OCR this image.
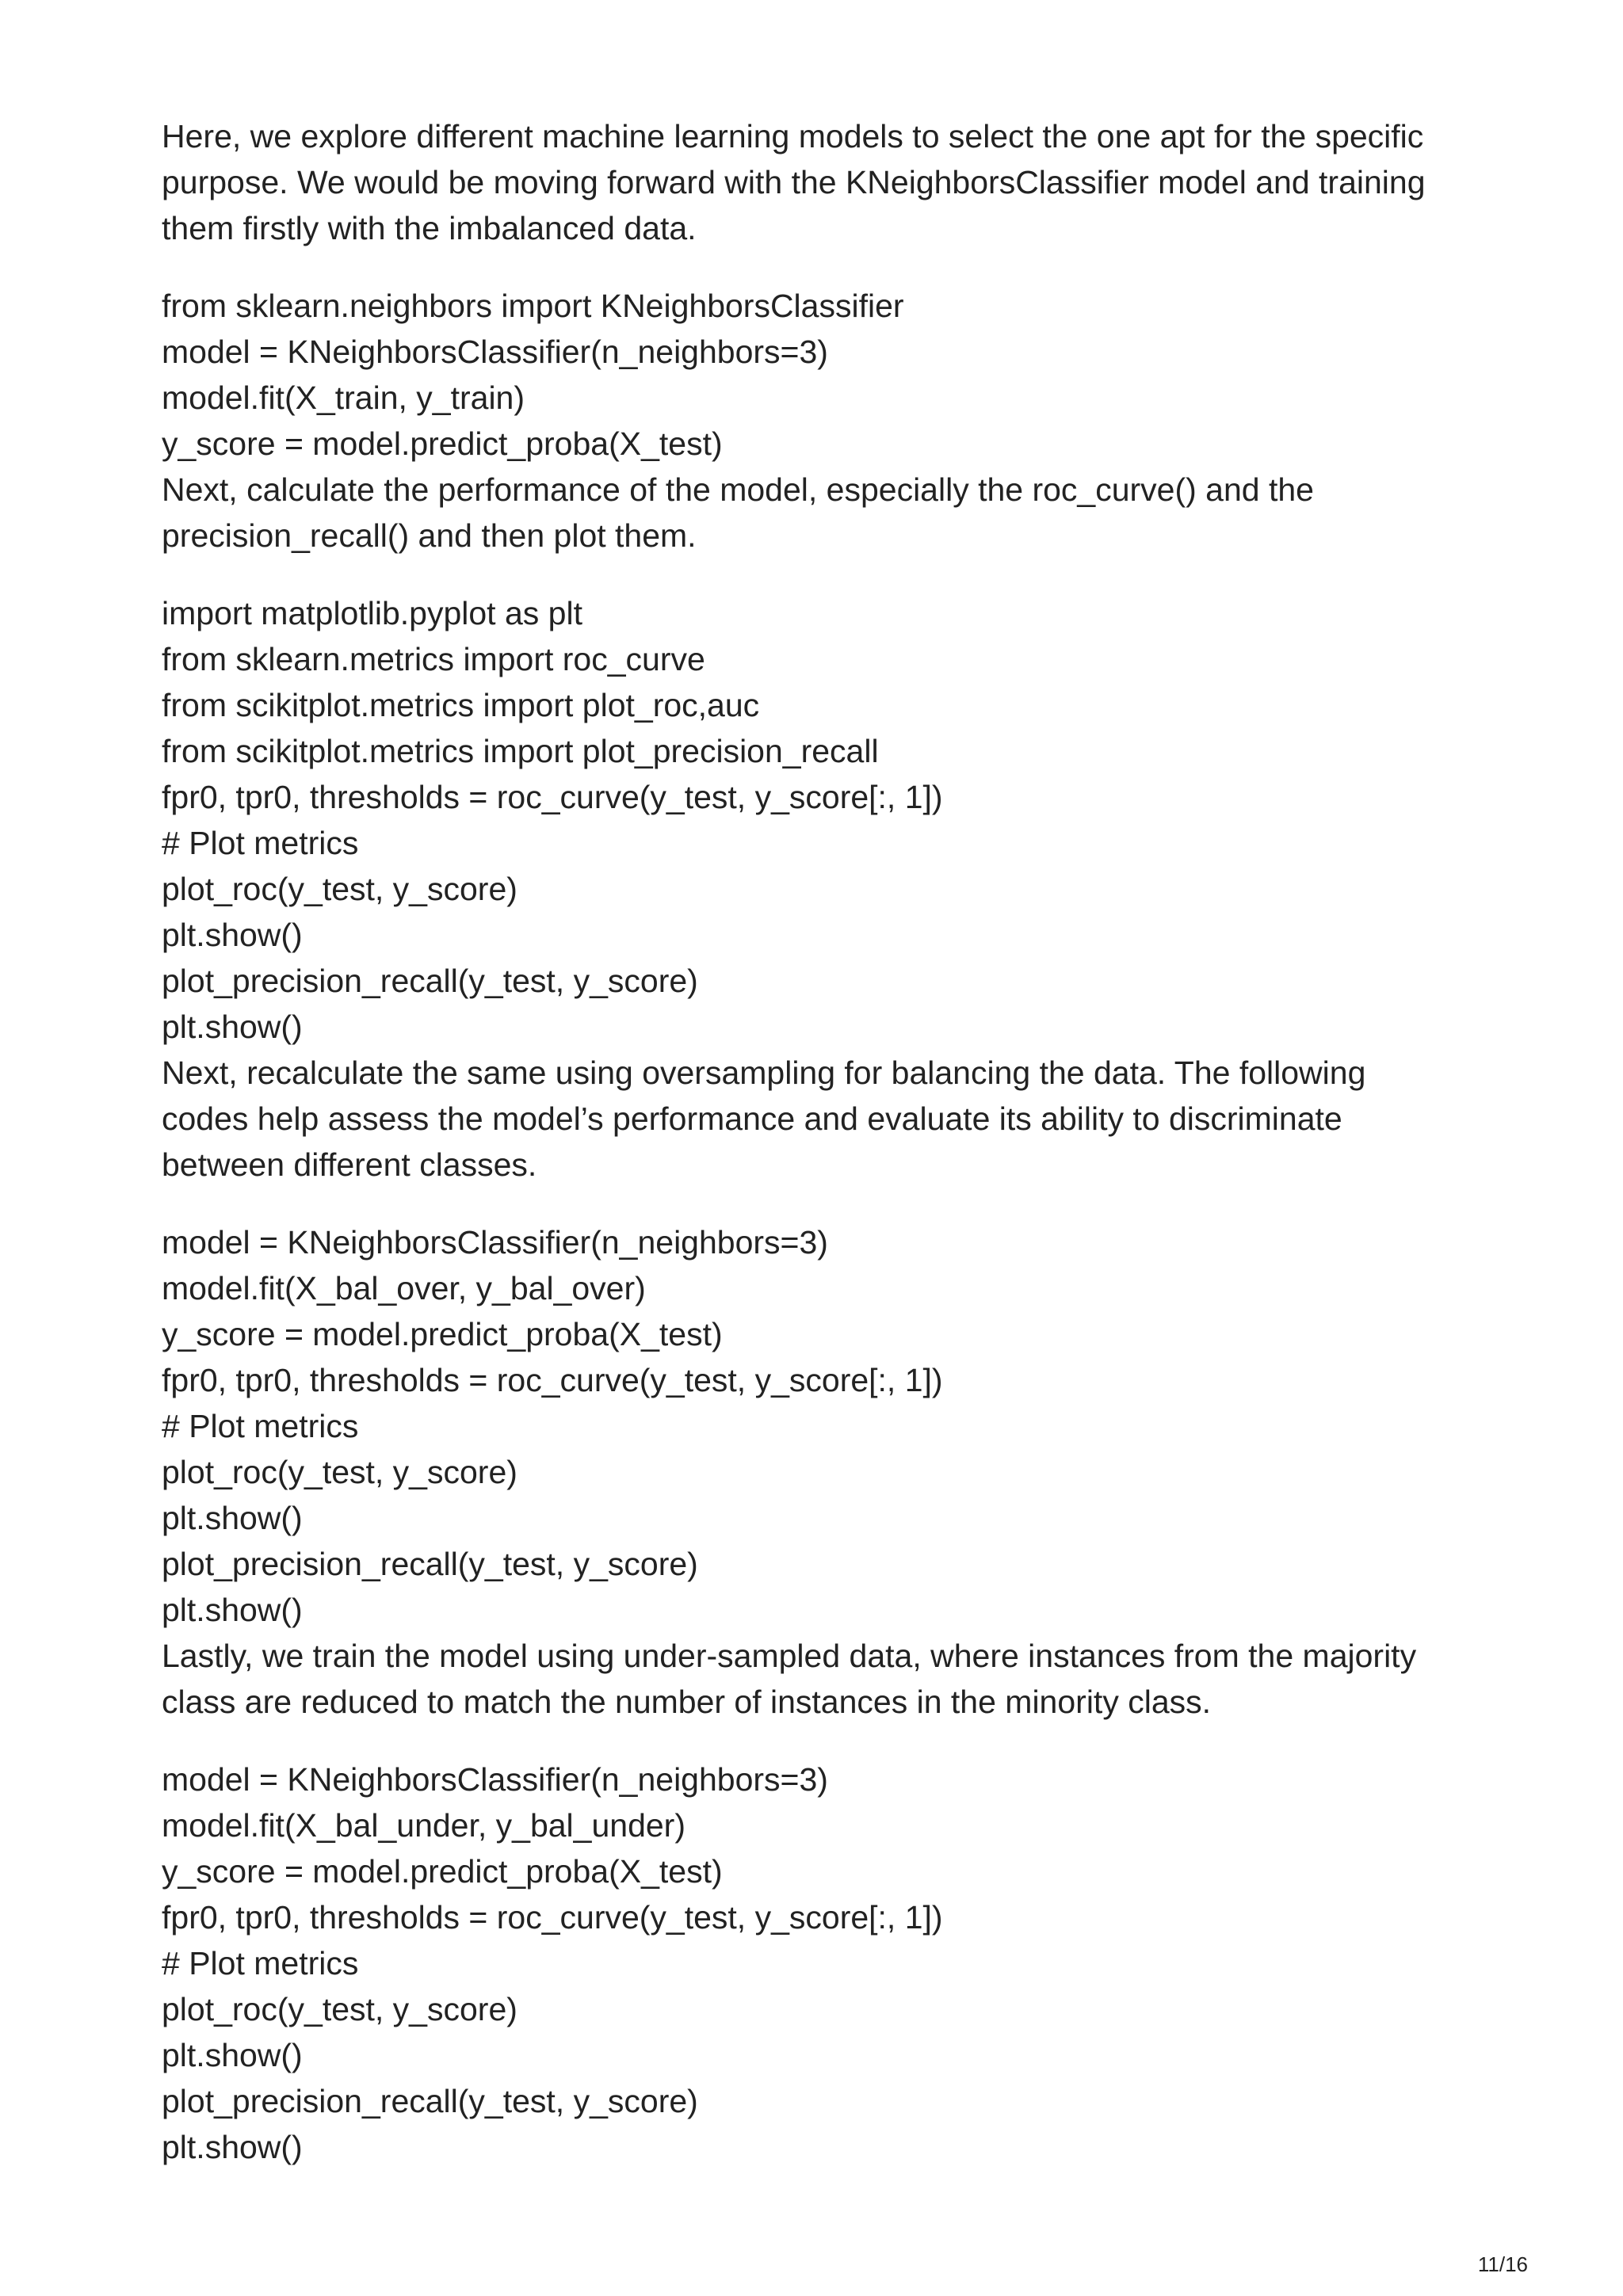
Here, we explore different machine learning models to select the one apt for the specific
purpose. We would be moving forward with the KNeighborsClassifier model and training
them firstly with the imbalanced data.
from sklearn.neighbors import KNeighborsClassifier
model = KNeighborsClassifier(n_neighbors=3)
model.fit(X_train, y_train)
y_score = model.predict_proba(X_test)
Next, calculate the performance of the model, especially the roc_curve() and the
precision_recall() and then plot them.
import matplotlib.pyplot as plt
from sklearn.metrics import roc_curve
from scikitplot.metrics import plot_roc,auc
from scikitplot.metrics import plot_precision_recall
fpr0, tpr0, thresholds = roc_curve(y_test, y_score[:, 1])
# Plot metrics
plot_roc(y_test, y_score)
plt.show()
plot_precision_recall(y_test, y_score)
plt.show()
Next, recalculate the same using oversampling for balancing the data. The following
codes help assess the model’s performance and evaluate its ability to discriminate
between different classes.
model = KNeighborsClassifier(n_neighbors=3)
model.fit(X_bal_over, y_bal_over)
y_score = model.predict_proba(X_test)
fpr0, tpr0, thresholds = roc_curve(y_test, y_score[:, 1])
# Plot metrics
plot_roc(y_test, y_score)
plt.show()
plot_precision_recall(y_test, y_score)
plt.show()
Lastly, we train the model using under-sampled data, where instances from the majority
class are reduced to match the number of instances in the minority class.
model = KNeighborsClassifier(n_neighbors=3)
model.fit(X_bal_under, y_bal_under)
y_score = model.predict_proba(X_test)
fpr0, tpr0, thresholds = roc_curve(y_test, y_score[:, 1])
# Plot metrics
plot_roc(y_test, y_score)
plt.show()
plot_precision_recall(y_test, y_score)
plt.show()
11/16
